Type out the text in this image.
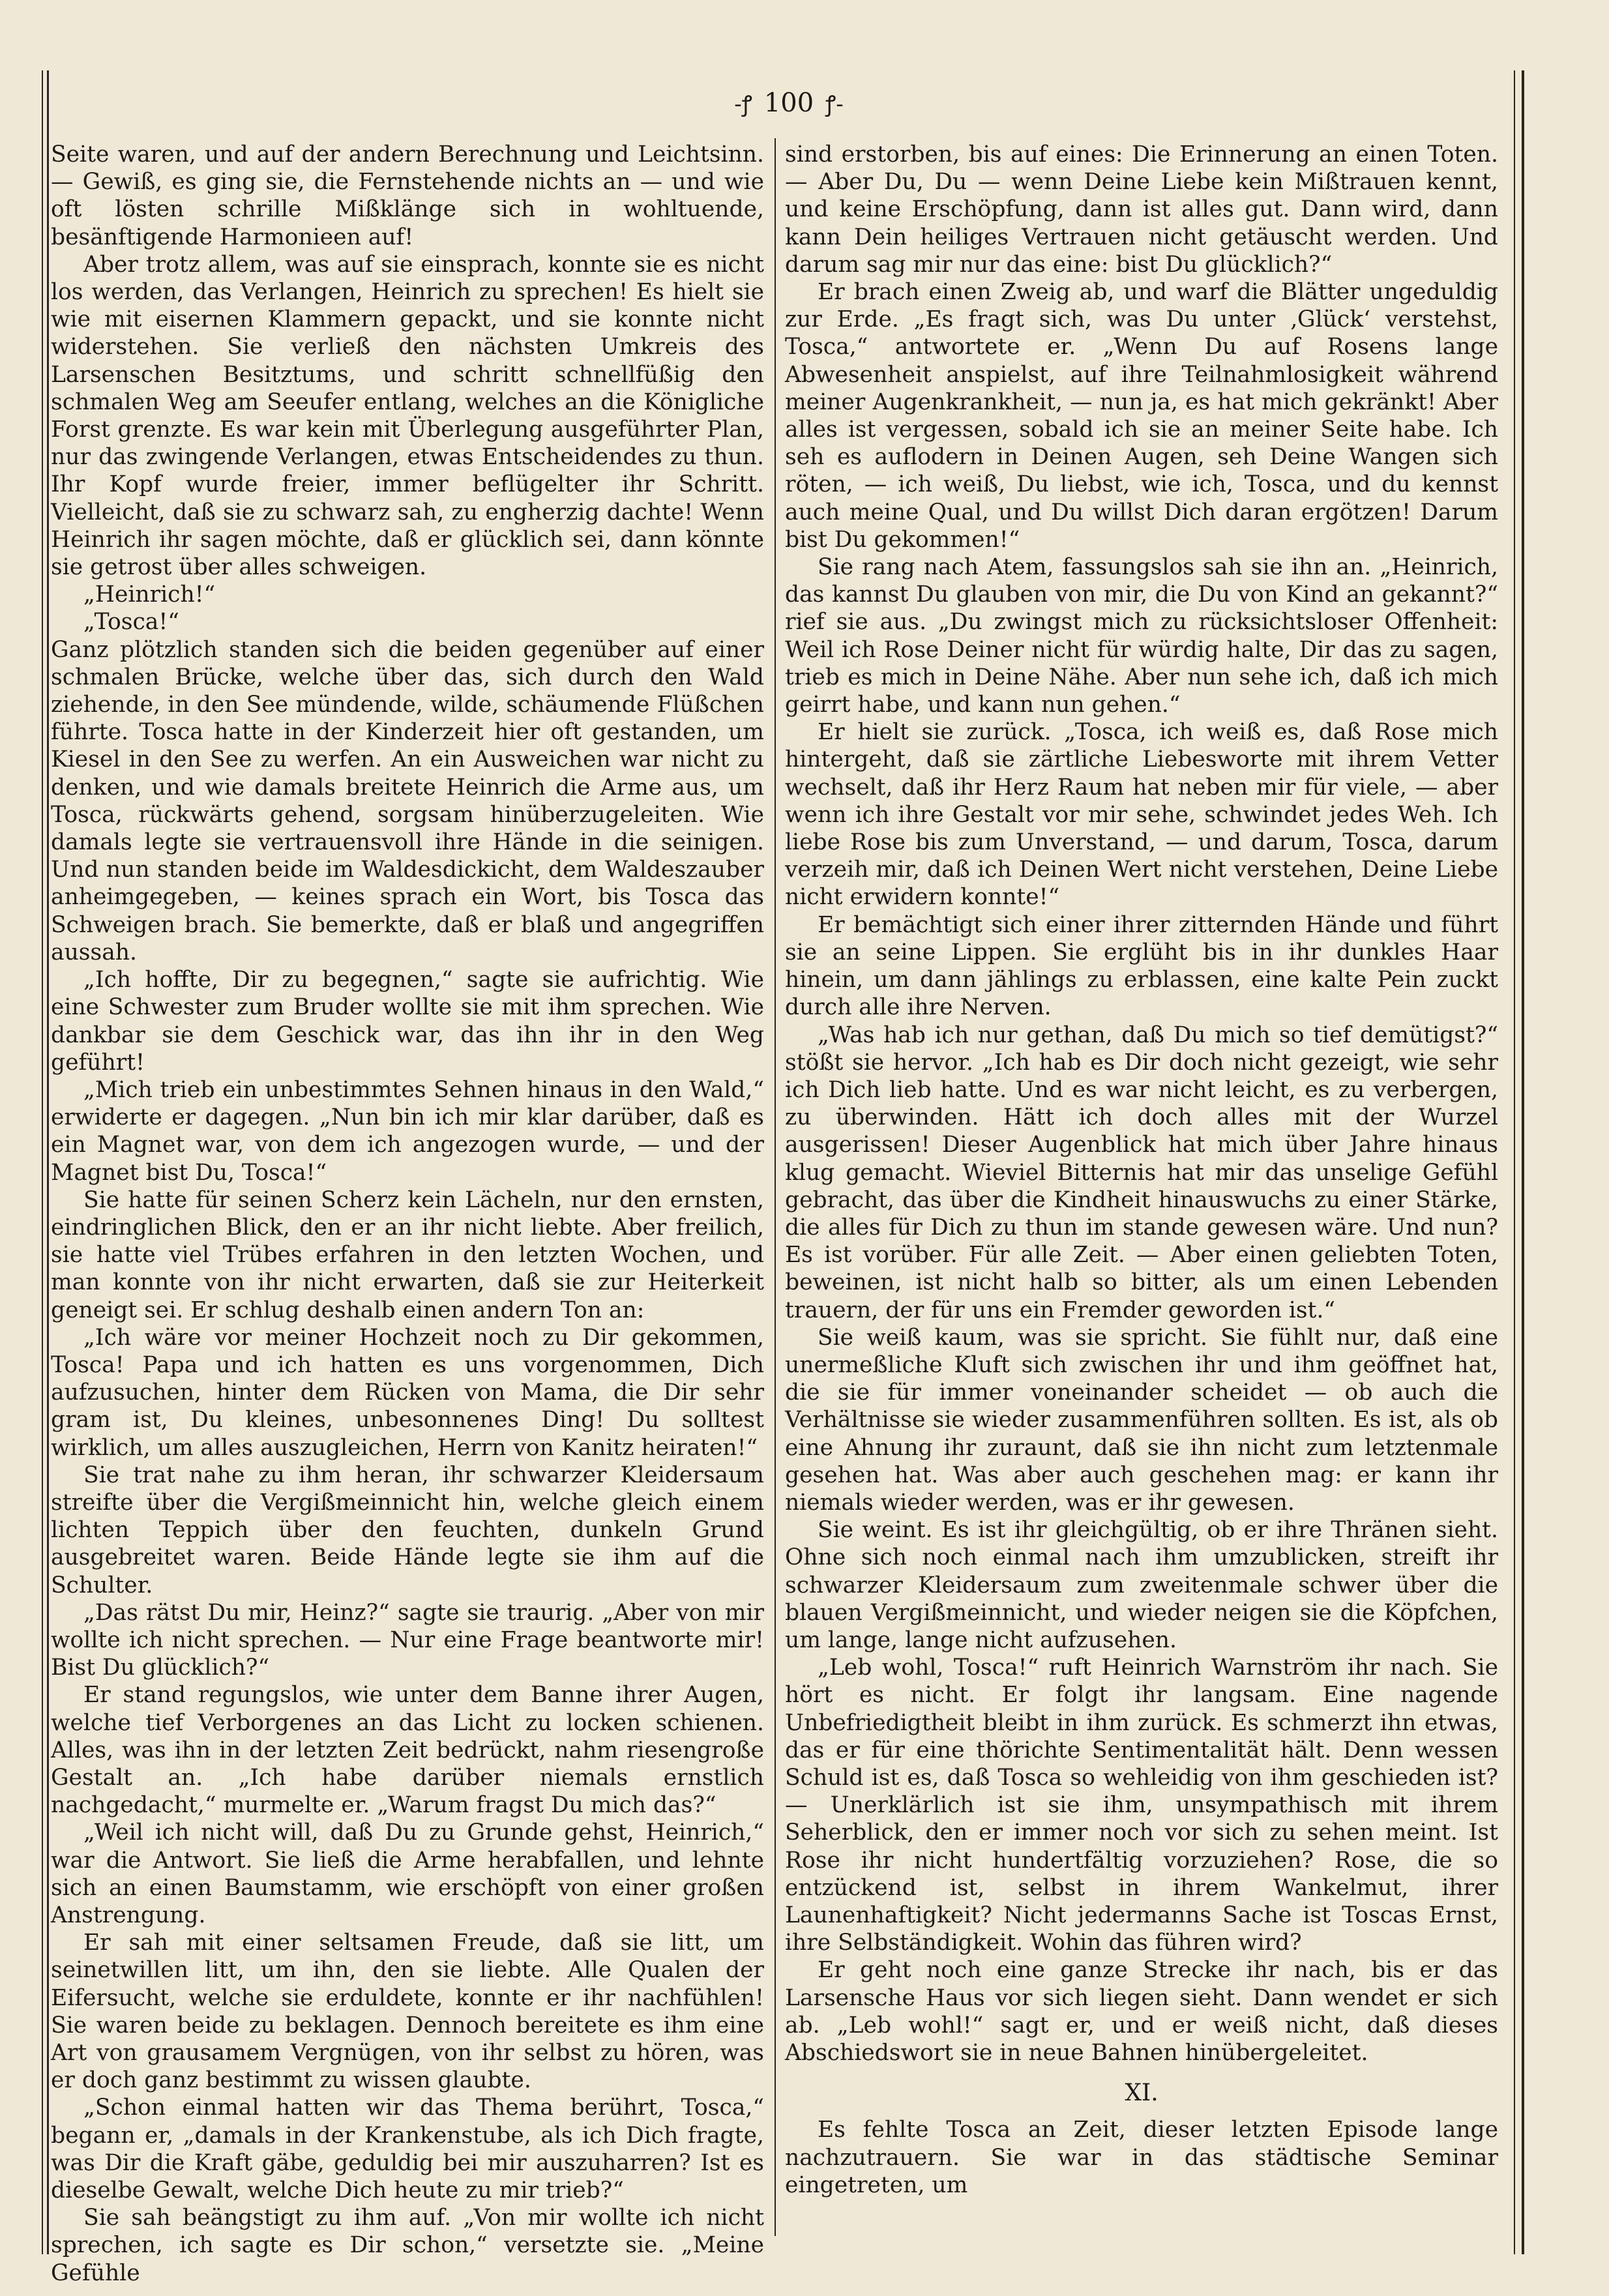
-ꝭ 100 ꝭ-

Seite waren, und auf der andern Berechnung und Leichtsinn. — Gewiß, es ging sie, die Fernstehende nichts an — und wie oft lösten schrille Mißklänge sich in wohltuende, besänftigende Harmonieen auf!

Aber trotz allem, was auf sie einsprach, konnte sie es nicht los werden, das Verlangen, Heinrich zu sprechen! Es hielt sie wie mit eisernen Klammern gepackt, und sie konnte nicht widerstehen. Sie verließ den nächsten Umkreis des Larsenschen Besitztums, und schritt schnellfüßig den schmalen Weg am Seeufer entlang, welches an die Königliche Forst grenzte. Es war kein mit Überlegung ausgeführter Plan, nur das zwingende Verlangen, etwas Entscheidendes zu thun. Ihr Kopf wurde freier, immer beflügelter ihr Schritt. Vielleicht, daß sie zu schwarz sah, zu engherzig dachte! Wenn Heinrich ihr sagen möchte, daß er glücklich sei, dann könnte sie getrost über alles schweigen.

„Heinrich!“

„Tosca!“

Ganz plötzlich standen sich die beiden gegenüber auf einer schmalen Brücke, welche über das, sich durch den Wald ziehende, in den See mündende, wilde, schäumende Flüßchen führte. Tosca hatte in der Kinderzeit hier oft gestanden, um Kiesel in den See zu werfen. An ein Ausweichen war nicht zu denken, und wie damals breitete Heinrich die Arme aus, um Tosca, rückwärts gehend, sorgsam hinüberzugeleiten. Wie damals legte sie vertrauensvoll ihre Hände in die seinigen. Und nun standen beide im Waldesdickicht, dem Waldeszauber anheimgegeben, — keines sprach ein Wort, bis Tosca das Schweigen brach. Sie bemerkte, daß er blaß und angegriffen aussah.

„Ich hoffte, Dir zu begegnen,“ sagte sie aufrichtig. Wie eine Schwester zum Bruder wollte sie mit ihm sprechen. Wie dankbar sie dem Geschick war, das ihn ihr in den Weg geführt!

„Mich trieb ein unbestimmtes Sehnen hinaus in den Wald,“ erwiderte er dagegen. „Nun bin ich mir klar darüber, daß es ein Magnet war, von dem ich angezogen wurde, — und der Magnet bist Du, Tosca!“

Sie hatte für seinen Scherz kein Lächeln, nur den ernsten, eindringlichen Blick, den er an ihr nicht liebte. Aber freilich, sie hatte viel Trübes erfahren in den letzten Wochen, und man konnte von ihr nicht erwarten, daß sie zur Heiterkeit geneigt sei. Er schlug deshalb einen andern Ton an:

„Ich wäre vor meiner Hochzeit noch zu Dir gekommen, Tosca! Papa und ich hatten es uns vorgenommen, Dich aufzusuchen, hinter dem Rücken von Mama, die Dir sehr gram ist, Du kleines, unbesonnenes Ding! Du solltest wirklich, um alles auszugleichen, Herrn von Kanitz heiraten!“

Sie trat nahe zu ihm heran, ihr schwarzer Kleidersaum streifte über die Vergißmeinnicht hin, welche gleich einem lichten Teppich über den feuchten, dunkeln Grund ausgebreitet waren. Beide Hände legte sie ihm auf die Schulter.

„Das rätst Du mir, Heinz?“ sagte sie traurig. „Aber von mir wollte ich nicht sprechen. — Nur eine Frage beantworte mir! Bist Du glücklich?“

Er stand regungslos, wie unter dem Banne ihrer Augen, welche tief Verborgenes an das Licht zu locken schienen. Alles, was ihn in der letzten Zeit bedrückt, nahm riesengroße Gestalt an. „Ich habe darüber niemals ernstlich nachgedacht,“ murmelte er. „Warum fragst Du mich das?“

„Weil ich nicht will, daß Du zu Grunde gehst, Heinrich,“ war die Antwort. Sie ließ die Arme herabfallen, und lehnte sich an einen Baumstamm, wie erschöpft von einer großen Anstrengung.

Er sah mit einer seltsamen Freude, daß sie litt, um seinetwillen litt, um ihn, den sie liebte. Alle Qualen der Eifersucht, welche sie erduldete, konnte er ihr nachfühlen! Sie waren beide zu beklagen. Dennoch bereitete es ihm eine Art von grausamem Vergnügen, von ihr selbst zu hören, was er doch ganz bestimmt zu wissen glaubte.

„Schon einmal hatten wir das Thema berührt, Tosca,“ begann er, „damals in der Krankenstube, als ich Dich fragte, was Dir die Kraft gäbe, geduldig bei mir auszuharren? Ist es dieselbe Gewalt, welche Dich heute zu mir trieb?“

Sie sah beängstigt zu ihm auf. „Von mir wollte ich nicht sprechen, ich sagte es Dir schon,“ versetzte sie. „Meine Gefühle

sind erstorben, bis auf eines: Die Erinnerung an einen Toten. — Aber Du, Du — wenn Deine Liebe kein Mißtrauen kennt, und keine Erschöpfung, dann ist alles gut. Dann wird, dann kann Dein heiliges Vertrauen nicht getäuscht werden. Und darum sag mir nur das eine: bist Du glücklich?“

Er brach einen Zweig ab, und warf die Blätter ungeduldig zur Erde. „Es fragt sich, was Du unter ‚Glück‘ verstehst, Tosca,“ antwortete er. „Wenn Du auf Rosens lange Abwesenheit anspielst, auf ihre Teilnahmlosigkeit während meiner Augenkrankheit, — nun ja, es hat mich gekränkt! Aber alles ist vergessen, sobald ich sie an meiner Seite habe. Ich seh es auflodern in Deinen Augen, seh Deine Wangen sich röten, — ich weiß, Du liebst, wie ich, Tosca, und du kennst auch meine Qual, und Du willst Dich daran ergötzen! Darum bist Du gekommen!“

Sie rang nach Atem, fassungslos sah sie ihn an. „Heinrich, das kannst Du glauben von mir, die Du von Kind an gekannt?“ rief sie aus. „Du zwingst mich zu rücksichtsloser Offenheit: Weil ich Rose Deiner nicht für würdig halte, Dir das zu sagen, trieb es mich in Deine Nähe. Aber nun sehe ich, daß ich mich geirrt habe, und kann nun gehen.“

Er hielt sie zurück. „Tosca, ich weiß es, daß Rose mich hintergeht, daß sie zärtliche Liebesworte mit ihrem Vetter wechselt, daß ihr Herz Raum hat neben mir für viele, — aber wenn ich ihre Gestalt vor mir sehe, schwindet jedes Weh. Ich liebe Rose bis zum Unverstand, — und darum, Tosca, darum verzeih mir, daß ich Deinen Wert nicht verstehen, Deine Liebe nicht erwidern konnte!“

Er bemächtigt sich einer ihrer zitternden Hände und führt sie an seine Lippen. Sie erglüht bis in ihr dunkles Haar hinein, um dann jählings zu erblassen, eine kalte Pein zuckt durch alle ihre Nerven.

„Was hab ich nur gethan, daß Du mich so tief demütigst?“ stößt sie hervor. „Ich hab es Dir doch nicht gezeigt, wie sehr ich Dich lieb hatte. Und es war nicht leicht, es zu verbergen, zu überwinden. Hätt ich doch alles mit der Wurzel ausgerissen! Dieser Augenblick hat mich über Jahre hinaus klug gemacht. Wieviel Bitternis hat mir das unselige Gefühl gebracht, das über die Kindheit hinauswuchs zu einer Stärke, die alles für Dich zu thun im stande gewesen wäre. Und nun? Es ist vorüber. Für alle Zeit. — Aber einen geliebten Toten, beweinen, ist nicht halb so bitter, als um einen Lebenden trauern, der für uns ein Fremder geworden ist.“

Sie weiß kaum, was sie spricht. Sie fühlt nur, daß eine unermeßliche Kluft sich zwischen ihr und ihm geöffnet hat, die sie für immer voneinander scheidet — ob auch die Verhältnisse sie wieder zusammenführen sollten. Es ist, als ob eine Ahnung ihr zuraunt, daß sie ihn nicht zum letztenmale gesehen hat. Was aber auch geschehen mag: er kann ihr niemals wieder werden, was er ihr gewesen.

Sie weint. Es ist ihr gleichgültig, ob er ihre Thränen sieht. Ohne sich noch einmal nach ihm umzublicken, streift ihr schwarzer Kleidersaum zum zweitenmale schwer über die blauen Vergißmeinnicht, und wieder neigen sie die Köpfchen, um lange, lange nicht aufzusehen.

„Leb wohl, Tosca!“ ruft Heinrich Warnström ihr nach. Sie hört es nicht. Er folgt ihr langsam. Eine nagende Unbefriedigtheit bleibt in ihm zurück. Es schmerzt ihn etwas, das er für eine thörichte Sentimentalität hält. Denn wessen Schuld ist es, daß Tosca so wehleidig von ihm geschieden ist? — Unerklärlich ist sie ihm, unsympathisch mit ihrem Seherblick, den er immer noch vor sich zu sehen meint. Ist Rose ihr nicht hundertfältig vorzuziehen? Rose, die so entzückend ist, selbst in ihrem Wankelmut, ihrer Launenhaftigkeit? Nicht jedermanns Sache ist Toscas Ernst, ihre Selbständigkeit. Wohin das führen wird?

Er geht noch eine ganze Strecke ihr nach, bis er das Larsensche Haus vor sich liegen sieht. Dann wendet er sich ab. „Leb wohl!“ sagt er, und er weiß nicht, daß dieses Abschiedswort sie in neue Bahnen hinübergeleitet.

XI.

Es fehlte Tosca an Zeit, dieser letzten Episode lange nachzutrauern. Sie war in das städtische Seminar eingetreten, um
